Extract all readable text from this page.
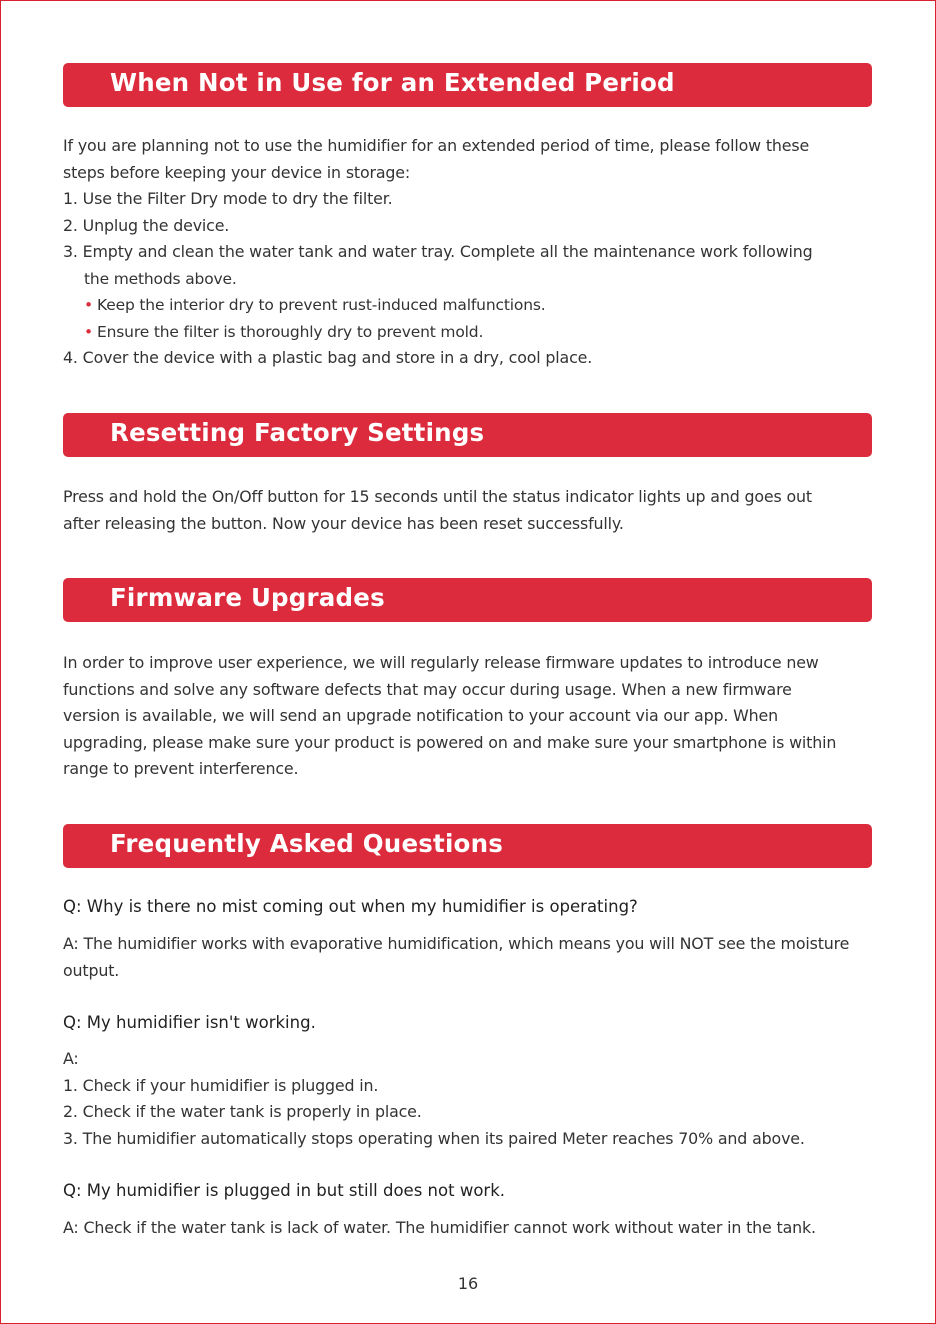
When Not in Use for an Extended Period
If you are planning not to use the humidifier for an extended period of time, please follow these
steps before keeping your device in storage:
1. Use the Filter Dry mode to dry the filter.
2. Unplug the device.
3. Empty and clean the water tank and water tray. Complete all the maintenance work following
the methods above.
• Keep the interior dry to prevent rust-induced malfunctions.
• Ensure the filter is thoroughly dry to prevent mold.
4. Cover the device with a plastic bag and store in a dry, cool place.
Resetting Factory Settings
Press and hold the On/Off button for 15 seconds until the status indicator lights up and goes out
after releasing the button. Now your device has been reset successfully.
Firmware Upgrades
In order to improve user experience, we will regularly release firmware updates to introduce new
functions and solve any software defects that may occur during usage. When a new firmware
version is available, we will send an upgrade notification to your account via our app. When
upgrading, please make sure your product is powered on and make sure your smartphone is within
range to prevent interference.
Frequently Asked Questions
Q: Why is there no mist coming out when my humidifier is operating?
A: The humidifier works with evaporative humidification, which means you will NOT see the moisture
output.
Q: My humidifier isn't working.
A:
1. Check if your humidifier is plugged in.
2. Check if the water tank is properly in place.
3. The humidifier automatically stops operating when its paired Meter reaches 70% and above.
Q: My humidifier is plugged in but still does not work.
A: Check if the water tank is lack of water. The humidifier cannot work without water in the tank.
16
